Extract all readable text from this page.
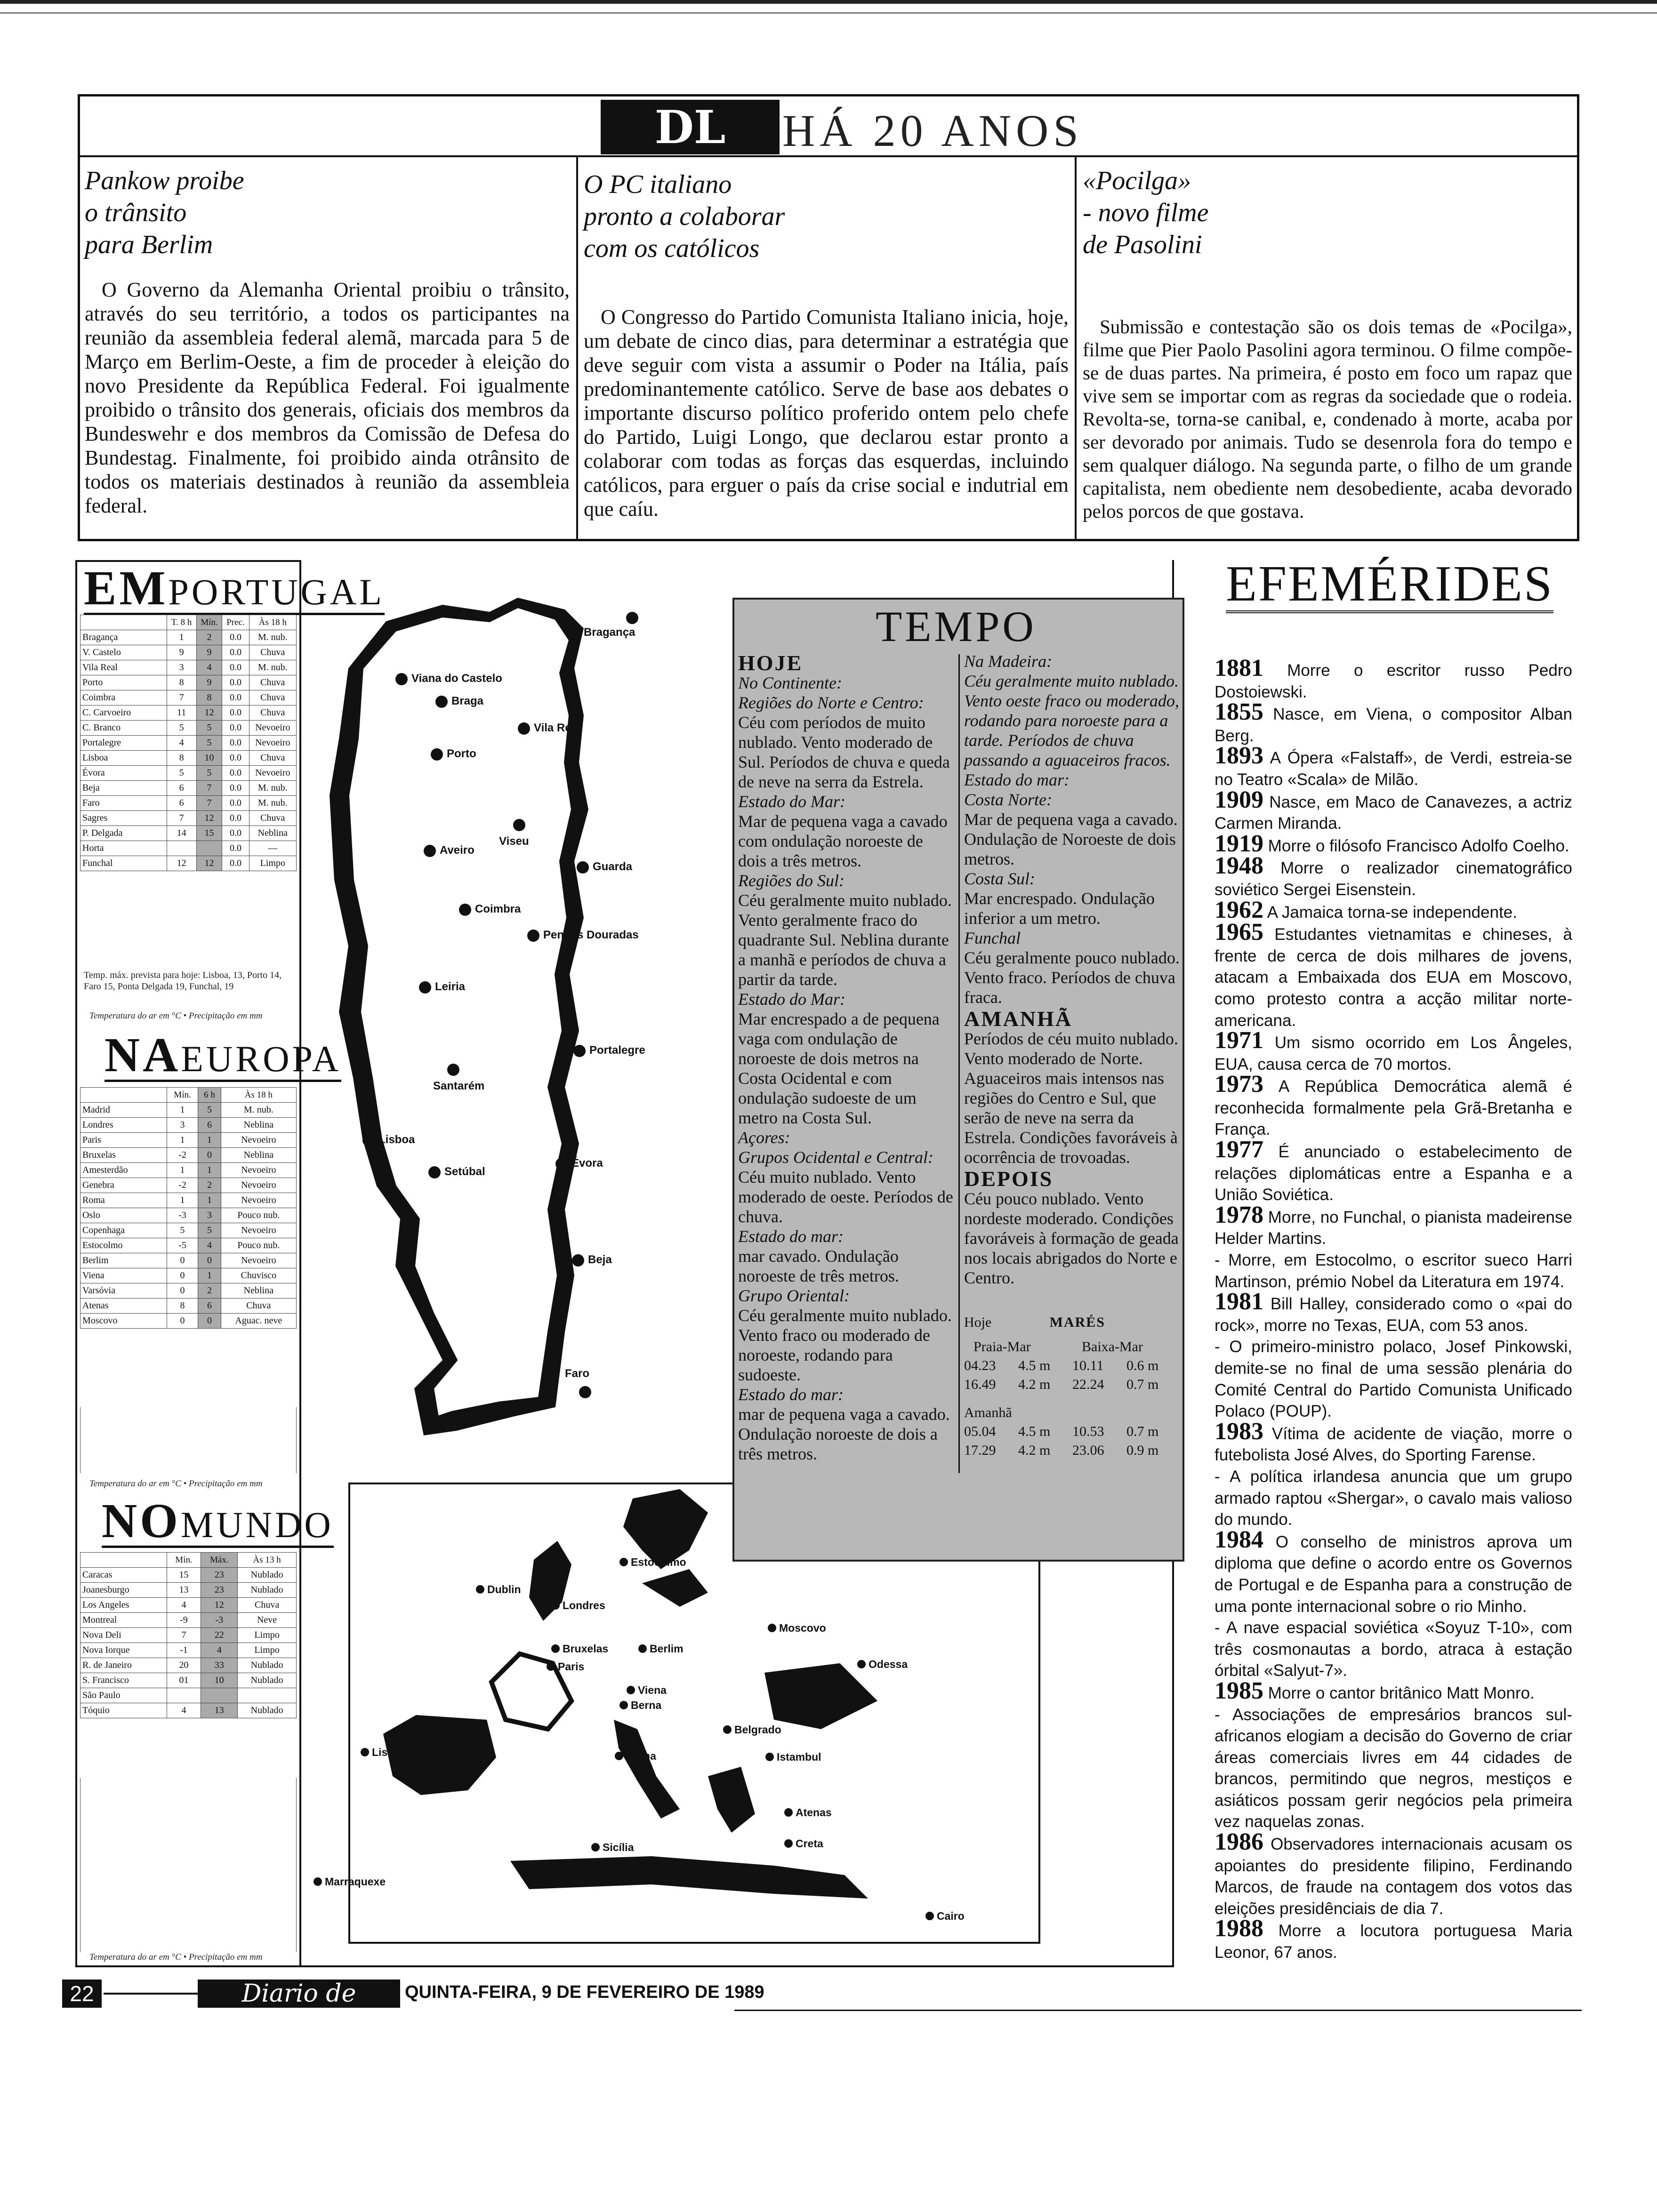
DL HÁ 20 ANOS
Pankow proibe
o trânsito
para Berlim
O Governo da Alemanha Oriental proibiu o trânsito, através do seu território, a todos os participantes na reunião da assembleia federal alemã, marcada para 5 de Março em Berlim-Oeste, a fim de proceder à eleição do novo Presidente da República Federal. Foi igualmente proibido o trânsito dos generais, oficiais dos membros da Bundeswehr e dos membros da Comissão de Defesa do Bundestag. Finalmente, foi proibido ainda otrânsito de todos os materiais destinados à reunião da assembleia federal.
O PC italiano
pronto a colaborar
com os católicos
O Congresso do Partido Comunista Italiano inicia, hoje, um debate de cinco dias, para determinar a estratégia que deve seguir com vista a assumir o Poder na Itália, país predominantemente católico. Serve de base aos debates o importante discurso político proferido ontem pelo chefe do Partido, Luigi Longo, que declarou estar pronto a colaborar com todas as forças das esquerdas, incluindo católicos, para erguer o país da crise social e indutrial em que caíu.
«Pocilga»
- novo filme
de Pasolini
Submissão e contestação são os dois temas de «Pocilga», filme que Pier Paolo Pasolini agora terminou. O filme compõe-se de duas partes. Na primeira, é posto em foco um rapaz que vive sem se importar com as regras da sociedade que o rodeia. Revolta-se, torna-se canibal, e, condenado à morte, acaba por ser devorado por animais. Tudo se desenrola fora do tempo e sem qualquer diálogo. Na segunda parte, o filho de um grande capitalista, nem obediente nem desobediente, acaba devorado pelos porcos de que gostava.
EMPORTUGAL
	T. 8 h	Mín.	Prec.	Às 18 h
Bragança	1	2	0.0	M. nub.
V. Castelo	9	9	0.0	Chuva
Vila Real	3	4	0.0	M. nub.
Porto	8	9	0.0	Chuva
Coimbra	7	8	0.0	Chuva
C. Carvoeiro	11	12	0.0	Chuva
C. Branco	5	5	0.0	Nevoeiro
Portalegre	4	5	0.0	Nevoeiro
Lisboa	8	10	0.0	Chuva
Évora	5	5	0.0	Nevoeiro
Beja	6	7	0.0	M. nub.
Faro	6	7	0.0	M. nub.
Sagres	7	12	0.0	Chuva
P. Delgada	14	15	0.0	Neblina
Horta			0.0	—
Funchal	12	12	0.0	Limpo
Temp. máx. prevista para hoje: Lisboa, 13, Porto 14, Faro 15, Ponta Delgada 19, Funchal, 19
Temperatura do ar em °C • Precipitação em mm
NAEUROPA
	Mín.	6 h	Às 18 h
Madrid	1	5	M. nub.
Londres	3	6	Neblina
Paris	1	1	Nevoeiro
Bruxelas	-2	0	Neblina
Amesterdão	1	1	Nevoeiro
Genebra	-2	2	Nevoeiro
Roma	1	1	Nevoeiro
Oslo	-3	3	Pouco nub.
Copenhaga	5	5	Nevoeiro
Estocolmo	-5	4	Pouco nub.
Berlim	0	0	Nevoeiro
Viena	0	1	Chuvisco
Varsóvia	0	2	Neblina
Atenas	8	6	Chuva
Moscovo	0	0	Aguac. neve
Temperatura do ar em °C • Precipitação em mm
NOMUNDO
	Mín.	Máx.	Às 13 h
Caracas	15	23	Nublado
Joanesburgo	13	23	Nublado
Los Angeles	4	12	Chuva
Montreal	-9	-3	Neve
Nova Deli	7	22	Limpo
Nova Iorque	-1	4	Limpo
R. de Janeiro	20	33	Nublado
S. Francisco	01	10	Nublado
São Paulo			
Tóquio	4	13	Nublado
Temperatura do ar em °C • Precipitação em mm
Bragança
Viana do Castelo
Braga
Vila Real
Porto
Viseu
Aveiro
Guarda
Coimbra
Penhas Douradas
Leiria
Portalegre
Santarém
Lisboa
Setúbal
Évora
Beja
Faro
Oslo
Estocolmo
Dublin
Londres
Moscovo
Bruxelas	Berlim
Paris	Odessa
Viena
Berna
Belgrado
Lisboa Madrid
Roma	Istambul
Atenas
Sicília	Creta
Marraquexe
Cairo
TEMPO
HOJE
No Continente:
Regiões do Norte e Centro:
Céu com períodos de muito nublado. Vento moderado de Sul. Períodos de chuva e queda de neve na serra da Estrela.
Estado do Mar:
Mar de pequena vaga a cavado com ondulação noroeste de dois a três metros.
Regiões do Sul:
Céu geralmente muito nublado. Vento geralmente fraco do quadrante Sul. Neblina durante a manhã e períodos de chuva a partir da tarde.
Estado do Mar:
Mar encrespado a de pequena vaga com ondulação de noroeste de dois metros na Costa Ocidental e com ondulação sudoeste de um metro na Costa Sul.
Açores:
Grupos Ocidental e Central:
Céu muito nublado. Vento moderado de oeste. Períodos de chuva.
Estado do mar:
mar cavado. Ondulação noroeste de três metros.
Grupo Oriental:
Céu geralmente muito nublado. Vento fraco ou moderado de noroeste, rodando para sudoeste.
Estado do mar:
mar de pequena vaga a cavado. Ondulação noroeste de dois a três metros.
Na Madeira:
Céu geralmente muito nublado. Vento oeste fraco ou moderado, rodando para noroeste para a tarde. Períodos de chuva passando a aguaceiros fracos.
Estado do mar:
Costa Norte:
Mar de pequena vaga a cavado. Ondulação de Noroeste de dois metros.
Costa Sul:
Mar encrespado. Ondulação inferior a um metro.
Funchal
Céu geralmente pouco nublado. Vento fraco. Períodos de chuva fraca.
AMANHÃ
Períodos de céu muito nublado. Vento moderado de Norte. Aguaceiros mais intensos nas regiões do Centro e Sul, que serão de neve na serra da Estrela. Condições favoráveis à ocorrência de trovoadas.
DEPOIS
Céu pouco nublado. Vento nordeste moderado. Condições favoráveis à formação de geada nos locais abrigados do Norte e Centro.
Hoje	MARÉS
Praia-Mar	Baixa-Mar
04.23	4.5 m	10.11	0.6 m
16.49	4.2 m	22.24	0.7 m
Amanhã
05.04	4.5 m	10.53	0.7 m
17.29	4.2 m	23.06	0.9 m
EFEMÉRIDES

1881 Morre o escritor russo Pedro Dostoiewski.

1855 Nasce, em Viena, o compositor Alban Berg.

1893 A Ópera «Falstaff», de Verdi, estreia-se no Teatro «Scala» de Milão.

1909 Nasce, em Maco de Canavezes, a actriz Carmen Miranda.

1919 Morre o filósofo Francisco Adolfo Coelho.

1948 Morre o realizador cinematográfico soviético Sergei Eisenstein.

1962 A Jamaica torna-se independente.

1965 Estudantes vietnamitas e chineses, à frente de cerca de dois milhares de jovens, atacam a Embaixada dos EUA em Moscovo, como protesto contra a acção militar norte-americana.

1971 Um sismo ocorrido em Los Ângeles, EUA, causa cerca de 70 mortos.

1973 A República Democrática alemã é reconhecida formalmente pela Grã-Bretanha e França.

1977 É anunciado o estabelecimento de relações diplomáticas entre a Espanha e a União Soviética.

1978 Morre, no Funchal, o pianista madeirense Helder Martins.

- Morre, em Estocolmo, o escritor sueco Harri Martinson, prémio Nobel da Literatura em 1974.

1981 Bill Halley, considerado como o «pai do rock», morre no Texas, EUA, com 53 anos.

- O primeiro-ministro polaco, Josef Pinkowski, demite-se no final de uma sessão plenária do Comité Central do Partido Comunista Unificado Polaco (POUP).

1983 Vítima de acidente de viação, morre o futebolista José Alves, do Sporting Farense.

- A política irlandesa anuncia que um grupo armado raptou «Shergar», o cavalo mais valioso do mundo.

1984 O conselho de ministros aprova um diploma que define o acordo entre os Governos de Portugal e de Espanha para a construção de uma ponte internacional sobre o rio Minho.

- A nave espacial soviética «Soyuz T-10», com três cosmonautas a bordo, atraca à estação órbital «Salyut-7».

1985 Morre o cantor britânico Matt Monro.

- Associações de empresários brancos sul-africanos elogiam a decisão do Governo de criar áreas comerciais livres em 44 cidades de brancos, permitindo que negros, mestiços e asiáticos possam gerir negócios pela primeira vez naquelas zonas.

1986 Observadores internacionais acusam os apoiantes do presidente filipino, Ferdinando Marcos, de fraude na contagem dos votos das eleições presidênciais de dia 7.

1988 Morre a locutora portuguesa Maria Leonor, 67 anos.

22	Diario de Lisboa
QUINTA-FEIRA, 9 DE FEVEREIRO DE 1989
